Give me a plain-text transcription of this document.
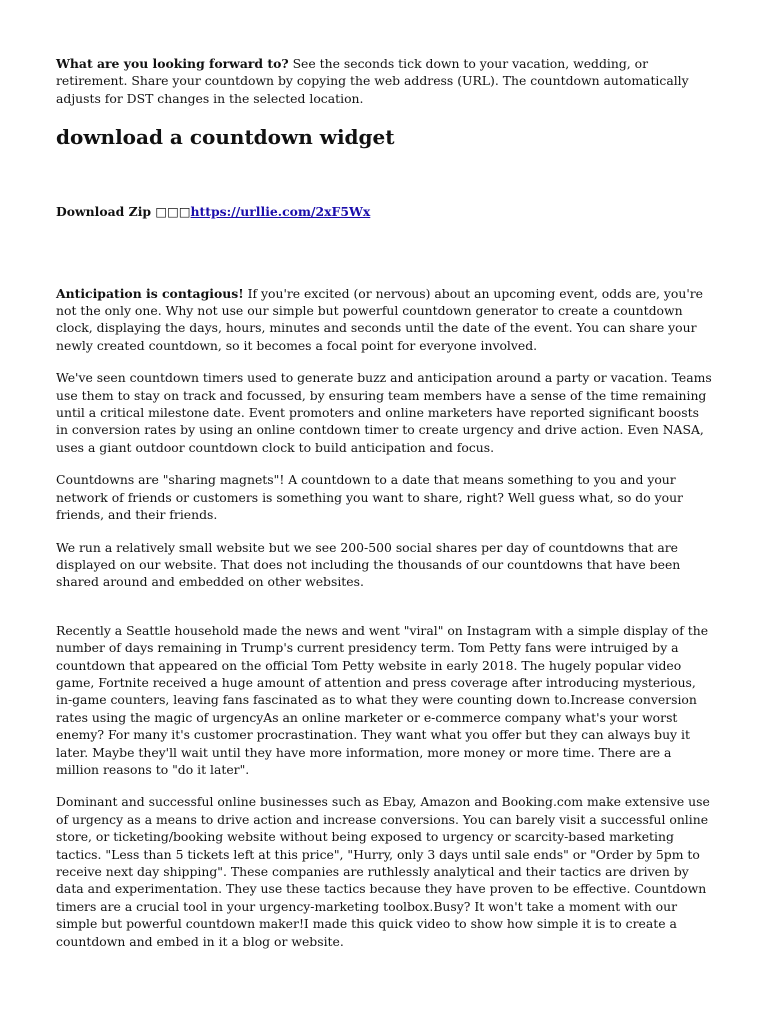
What are you looking forward to? See the seconds tick down to your vacation, wedding, or retirement. Share your countdown by copying the web address (URL). The countdown automatically adjusts for DST changes in the selected location.

download a countdown widget
Download Zip □□□https://urllie.com/2xF5Wx

Anticipation is contagious! If you're excited (or nervous) about an upcoming event, odds are, you're not the only one. Why not use our simple but powerful countdown generator to create a countdown clock, displaying the days, hours, minutes and seconds until the date of the event. You can share your newly created countdown, so it becomes a focal point for everyone involved.

We've seen countdown timers used to generate buzz and anticipation around a party or vacation. Teams use them to stay on track and focussed, by ensuring team members have a sense of the time remaining until a critical milestone date. Event promoters and online marketers have reported significant boosts in conversion rates by using an online contdown timer to create urgency and drive action. Even NASA, uses a giant outdoor countdown clock to build anticipation and focus.

Countdowns are "sharing magnets"! A countdown to a date that means something to you and your network of friends or customers is something you want to share, right? Well guess what, so do your friends, and their friends.

We run a relatively small website but we see 200-500 social shares per day of countdowns that are displayed on our website. That does not including the thousands of our countdowns that have been shared around and embedded on other websites.

Recently a Seattle household made the news and went "viral" on Instagram with a simple display of the number of days remaining in Trump's current presidency term. Tom Petty fans were intruiged by a countdown that appeared on the official Tom Petty website in early 2018. The hugely popular video game, Fortnite received a huge amount of attention and press coverage after introducing mysterious, in-game counters, leaving fans fascinated as to what they were counting down to.Increase conversion rates using the magic of urgencyAs an online marketer or e-commerce company what's your worst enemy? For many it's customer procrastination. They want what you offer but they can always buy it later. Maybe they'll wait until they have more information, more money or more time. There are a million reasons to "do it later".

Dominant and successful online businesses such as Ebay, Amazon and Booking.com make extensive use of urgency as a means to drive action and increase conversions. You can barely visit a successful online store, or ticketing/booking website without being exposed to urgency or scarcity-based marketing tactics. "Less than 5 tickets left at this price", "Hurry, only 3 days until sale ends" or "Order by 5pm to receive next day shipping". These companies are ruthlessly analytical and their tactics are driven by data and experimentation. They use these tactics because they have proven to be effective. Countdown timers are a crucial tool in your urgency-marketing toolbox.Busy? It won't take a moment with our simple but powerful countdown maker!I made this quick video to show how simple it is to create a countdown and embed in it a blog or website.
